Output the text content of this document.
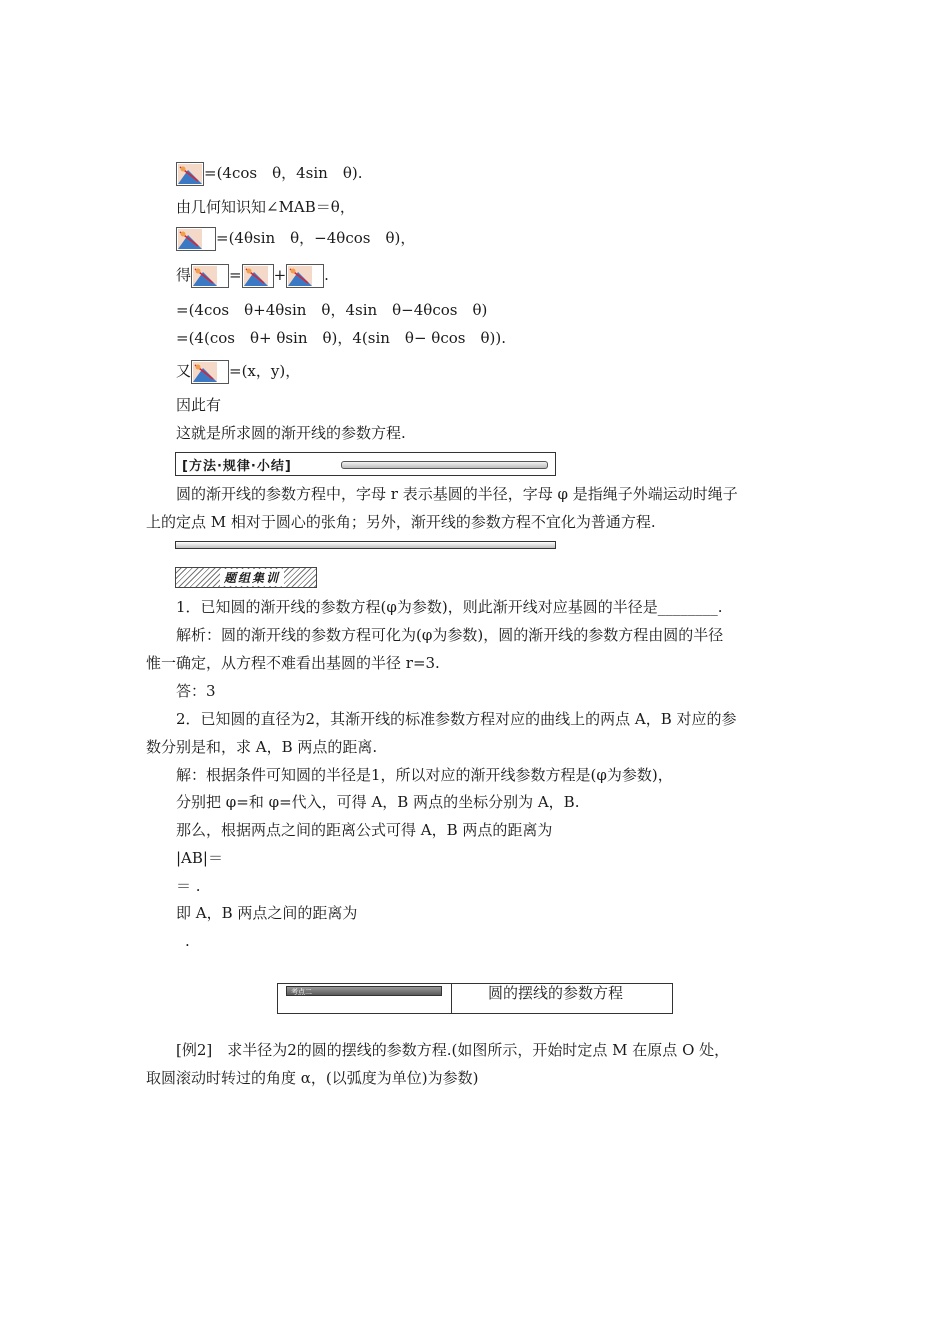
=(4cos　θ，4sin　θ).
由几何知识知∠MAB＝θ，
=(4θsin　θ，−4θcos　θ)，
得	= +	.
=(4cos　θ+4θsin　θ，4sin　θ−4θcos　θ)
=(4(cos　θ+ θsin　θ)，4(sin　θ− θcos　θ)).
又	=(x，y)，
因此有
这就是所求圆的渐开线的参数方程.
[方法·规律·小结]
圆的渐开线的参数方程中，字母 r 表示基圆的半径，字母 φ 是指绳子外端运动时绳子
上的定点 M 相对于圆心的张角；另外，渐开线的参数方程不宜化为普通方程.
题组集训
1．已知圆的渐开线的参数方程(φ为参数)，则此渐开线对应基圆的半径是________.
解析：圆的渐开线的参数方程可化为(φ为参数)，圆的渐开线的参数方程由圆的半径
惟一确定，从方程不难看出基圆的半径 r=3.
答：3
2．已知圆的直径为2，其渐开线的标准参数方程对应的曲线上的两点 A，B 对应的参
数分别是和，求 A，B 两点的距离.
解：根据条件可知圆的半径是1，所以对应的渐开线参数方程是(φ为参数)，
分别把 φ=和 φ=代入，可得 A，B 两点的坐标分别为 A，B.
那么，根据两点之间的距离公式可得 A，B 两点的距离为
|AB|＝
＝ .
即 A，B 两点之间的距离为
.
考点二	圆的摆线的参数方程
[例2]　求半径为2的圆的摆线的参数方程.(如图所示，开始时定点 M 在原点 O 处，
取圆滚动时转过的角度 α，(以弧度为单位)为参数)
